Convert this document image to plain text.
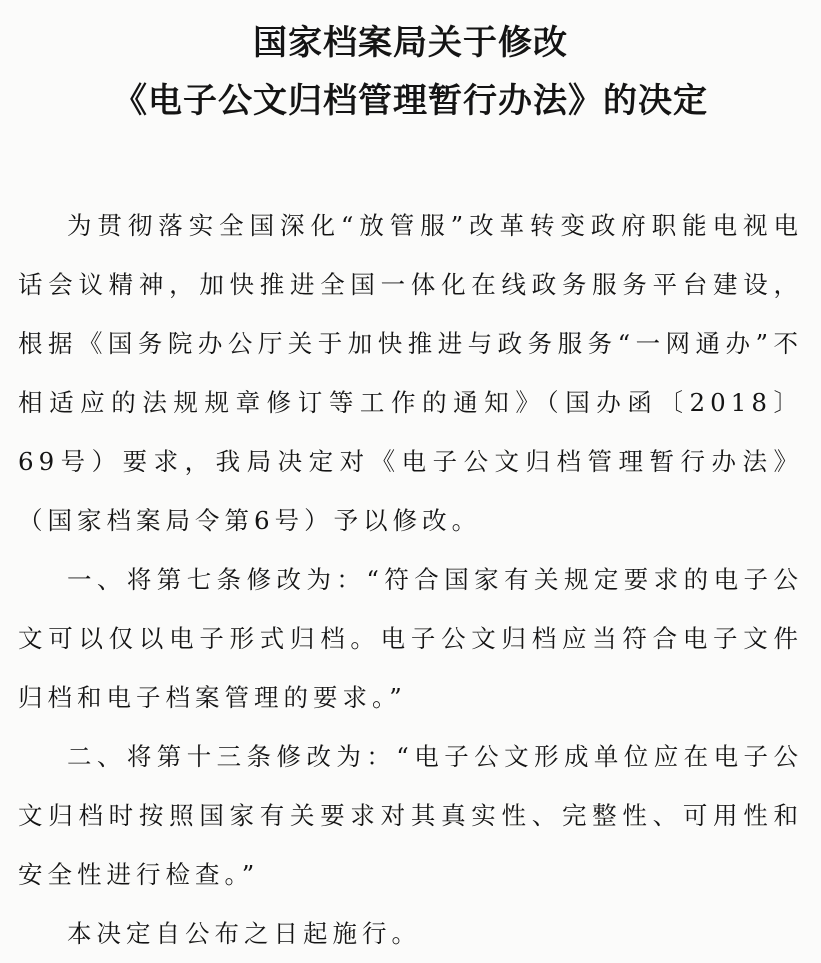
国家档案局关于修改
《电子公文归档管理暂行办法》的决定

为贯彻落实全国深化“放管服”改革转变政府职能电视电话会议精神，加快推进全国一体化在线政务服务平台建设，根据《国务院办公厅关于加快推进与政务服务“一网通办”不相适应的法规规章修订等工作的通知》（国办函〔2018〕69号）要求，我局决定对《电子公文归档管理暂行办法》（国家档案局令第6号）予以修改。

一、将第七条修改为：“符合国家有关规定要求的电子公文可以仅以电子形式归档。电子公文归档应当符合电子文件归档和电子档案管理的要求。”

二、将第十三条修改为：“电子公文形成单位应在电子公文归档时按照国家有关要求对其真实性、完整性、可用性和安全性进行检查。”

本决定自公布之日起施行。
